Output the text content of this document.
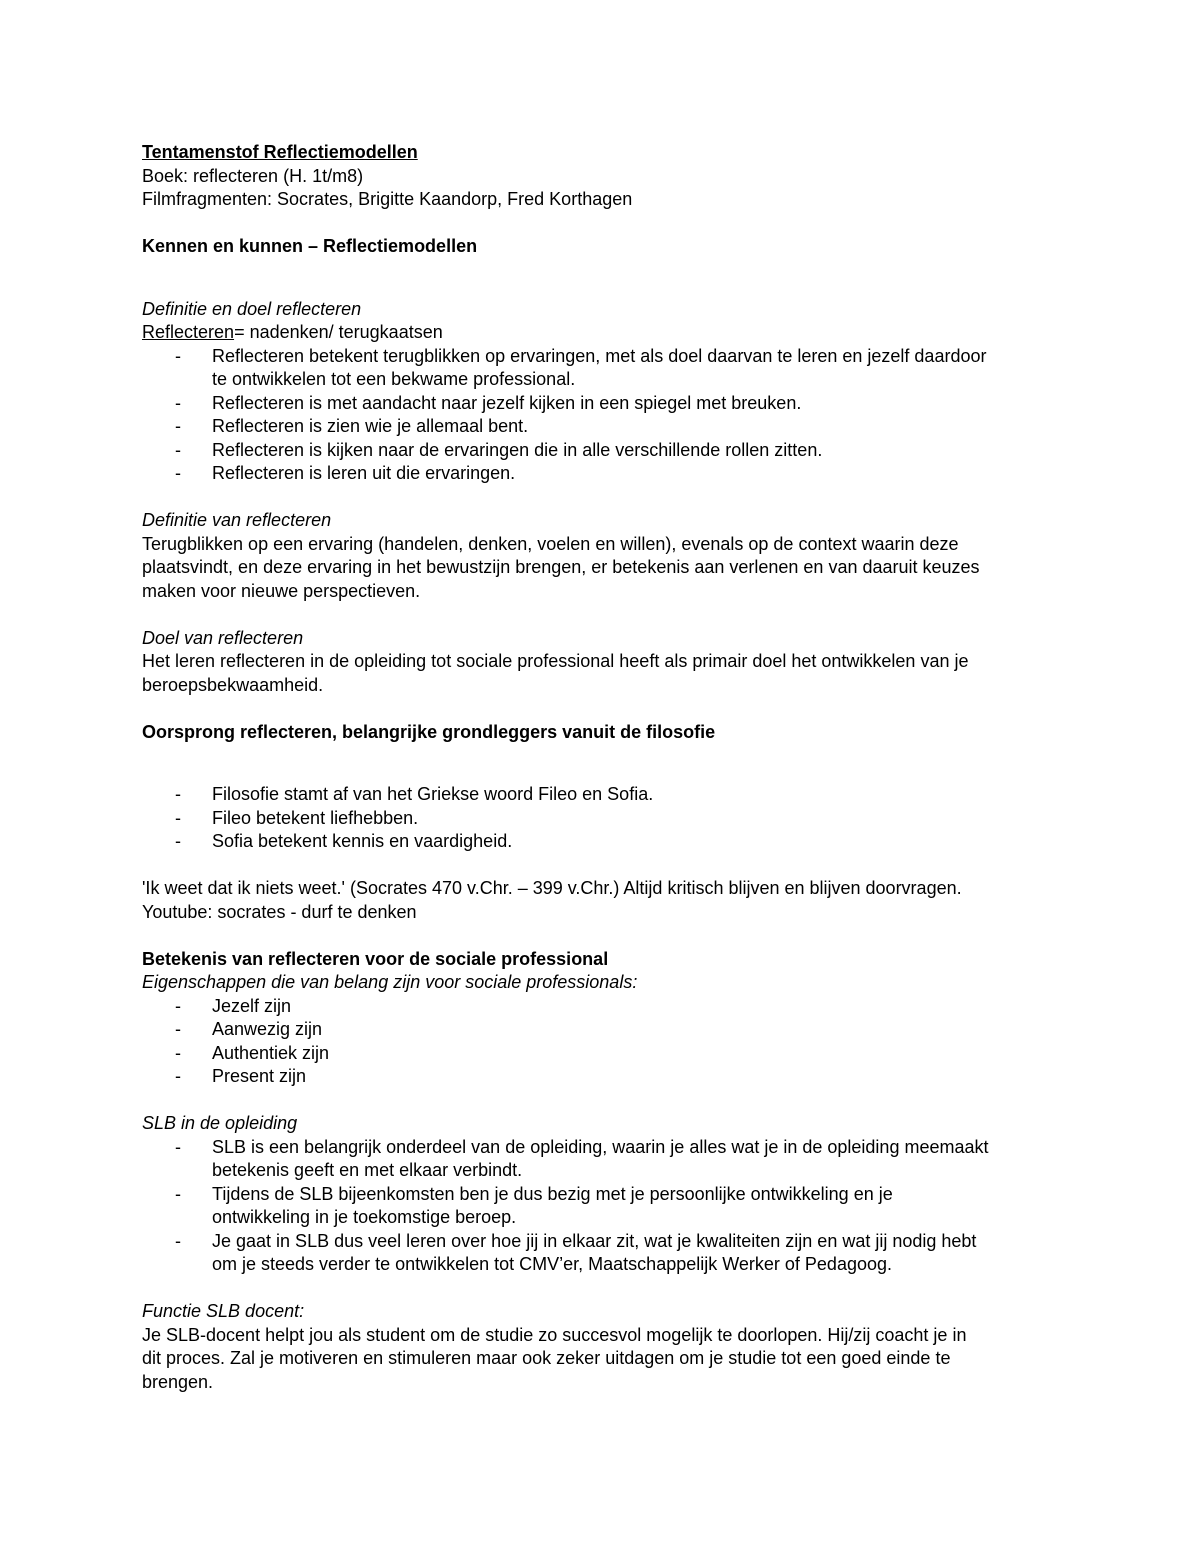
Tentamenstof Reflectiemodellen
Boek: reflecteren (H. 1t/m8)
Filmfragmenten: Socrates, Brigitte Kaandorp, Fred Korthagen
Kennen en kunnen – Reflectiemodellen
Definitie en doel reflecteren
Reflecteren= nadenken/ terugkaatsen
- Reflecteren betekent terugblikken op ervaringen, met als doel daarvan te leren en jezelf daardoor
te ontwikkelen tot een bekwame professional.
- Reflecteren is met aandacht naar jezelf kijken in een spiegel met breuken.
- Reflecteren is zien wie je allemaal bent.
- Reflecteren is kijken naar de ervaringen die in alle verschillende rollen zitten.
- Reflecteren is leren uit die ervaringen.
Definitie van reflecteren
Terugblikken op een ervaring (handelen, denken, voelen en willen), evenals op de context waarin deze
plaatsvindt, en deze ervaring in het bewustzijn brengen, er betekenis aan verlenen en van daaruit keuzes
maken voor nieuwe perspectieven.
Doel van reflecteren
Het leren reflecteren in de opleiding tot sociale professional heeft als primair doel het ontwikkelen van je
beroepsbekwaamheid.
Oorsprong reflecteren, belangrijke grondleggers vanuit de filosofie
- Filosofie stamt af van het Griekse woord Fileo en Sofia.
- Fileo betekent liefhebben.
- Sofia betekent kennis en vaardigheid.
'Ik weet dat ik niets weet.' (Socrates 470 v.Chr. – 399 v.Chr.) Altijd kritisch blijven en blijven doorvragen.
Youtube: socrates - durf te denken
Betekenis van reflecteren voor de sociale professional
Eigenschappen die van belang zijn voor sociale professionals:
- Jezelf zijn
- Aanwezig zijn
- Authentiek zijn
- Present zijn
SLB in de opleiding
- SLB is een belangrijk onderdeel van de opleiding, waarin je alles wat je in de opleiding meemaakt
betekenis geeft en met elkaar verbindt.
- Tijdens de SLB bijeenkomsten ben je dus bezig met je persoonlijke ontwikkeling en je
ontwikkeling in je toekomstige beroep.
- Je gaat in SLB dus veel leren over hoe jij in elkaar zit, wat je kwaliteiten zijn en wat jij nodig hebt
om je steeds verder te ontwikkelen tot CMV’er, Maatschappelijk Werker of Pedagoog.
Functie SLB docent:
Je SLB-docent helpt jou als student om de studie zo succesvol mogelijk te doorlopen. Hij/zij coacht je in
dit proces. Zal je motiveren en stimuleren maar ook zeker uitdagen om je studie tot een goed einde te
brengen.
